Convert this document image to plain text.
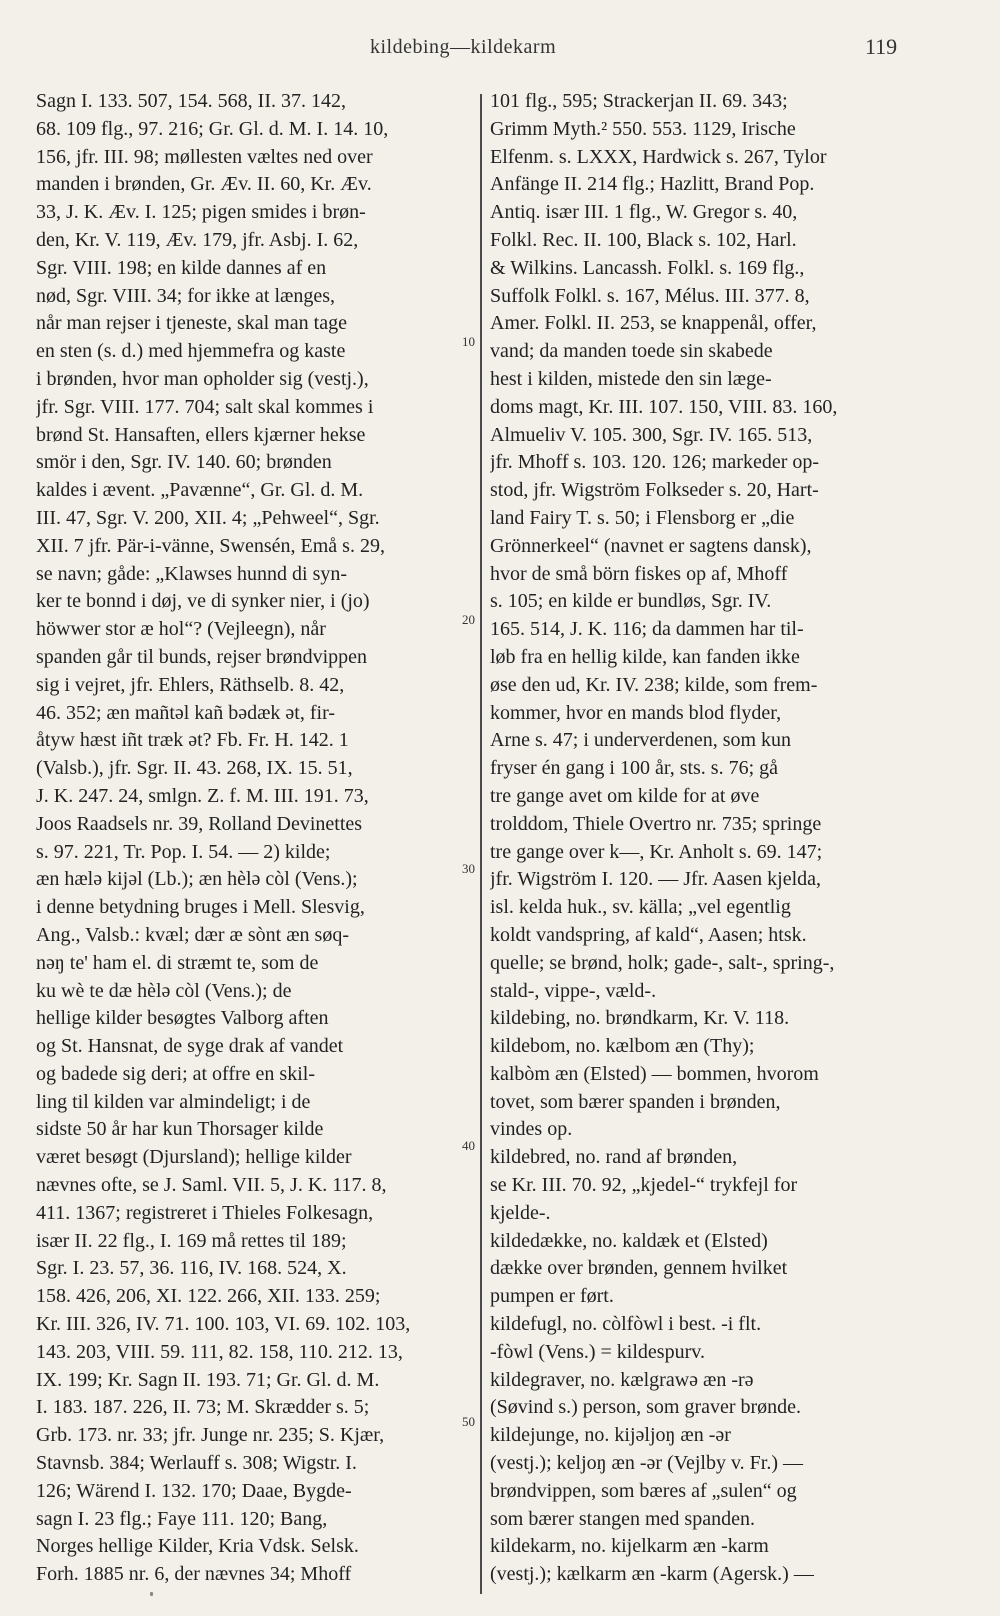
kildebing—kildekarm	119
Sagn I. 133. 507, 154. 568, II. 37. 142,
68. 109 flg., 97. 216; Gr. Gl. d. M. I. 14. 10,
156, jfr. III. 98; møllesten væltes ned over
manden i brønden, Gr. Æv. II. 60, Kr. Æv.
33, J. K. Æv. I. 125; pigen smides i brøn-
den, Kr. V. 119, Æv. 179, jfr. Asbj. I. 62,
Sgr. VIII. 198; en kilde dannes af en
nød, Sgr. VIII. 34; for ikke at længes,
når man rejser i tjeneste, skal man tage
en sten (s. d.) med hjemmefra og kaste
i brønden, hvor man opholder sig (vestj.),
jfr. Sgr. VIII. 177. 704; salt skal kommes i
brønd St. Hansaften, ellers kjærner hekse
smör i den, Sgr. IV. 140. 60; brønden
kaldes i ævent. „Pavænne“, Gr. Gl. d. M.
III. 47, Sgr. V. 200, XII. 4; „Pehweel“, Sgr.
XII. 7 jfr. Pär-i-vänne, Swensén, Emå s. 29,
se navn; gåde: „Klawses hunnd di syn-
ker te bonnd i døj, ve di synker nier, i (jo)
höwwer stor æ hol“? (Vejleegn), når
spanden går til bunds, rejser brøndvippen
sig i vejret, jfr. Ehlers, Räthselb. 8. 42,
46. 352; æn mañtəl kañ bədæk ət, fir-
åtyw hæst iñt træk ət? Fb. Fr. H. 142. 1
(Valsb.), jfr. Sgr. II. 43. 268, IX. 15. 51,
J. K. 247. 24, smlgn. Z. f. M. III. 191. 73,
Joos Raadsels nr. 39, Rolland Devinettes
s. 97. 221, Tr. Pop. I. 54. — 2) kilde;
æn hælə kijəl (Lb.); æn hèlə còl (Vens.);
i denne betydning bruges i Mell. Slesvig,
Ang., Valsb.: kvæl; dær æ sònt æn søq-
nəŋ te' ham el. di stræmt te, som de
ku wè te dæ hèlə còl (Vens.); de
hellige kilder besøgtes Valborg aften
og St. Hansnat, de syge drak af vandet
og badede sig deri; at offre en skil-
ling til kilden var almindeligt; i de
sidste 50 år har kun Thorsager kilde
været besøgt (Djursland); hellige kilder
nævnes ofte, se J. Saml. VII. 5, J. K. 117. 8,
411. 1367; registreret i Thieles Folkesagn,
især II. 22 flg., I. 169 må rettes til 189;
Sgr. I. 23. 57, 36. 116, IV. 168. 524, X.
158. 426, 206, XI. 122. 266, XII. 133. 259;
Kr. III. 326, IV. 71. 100. 103, VI. 69. 102. 103,
143. 203, VIII. 59. 111, 82. 158, 110. 212. 13,
IX. 199; Kr. Sagn II. 193. 71; Gr. Gl. d. M.
I. 183. 187. 226, II. 73; M. Skrædder s. 5;
Grb. 173. nr. 33; jfr. Junge nr. 235; S. Kjær,
Stavnsb. 384; Werlauff s. 308; Wigstr. I.
126; Wärend I. 132. 170; Daae, Bygde-
sagn I. 23 flg.; Faye 111. 120; Bang,
Norges hellige Kilder, Kria Vdsk. Selsk.
Forh. 1885 nr. 6, der nævnes 34; Mhoff
101 flg., 595; Strackerjan II. 69. 343;
Grimm Myth.² 550. 553. 1129, Irische
Elfenm. s. LXXX, Hardwick s. 267, Tylor
Anfänge II. 214 flg.; Hazlitt, Brand Pop.
Antiq. især III. 1 flg., W. Gregor s. 40,
Folkl. Rec. II. 100, Black s. 102, Harl.
& Wilkins. Lancassh. Folkl. s. 169 flg.,
Suffolk Folkl. s. 167, Mélus. III. 377. 8,
Amer. Folkl. II. 253, se knappenål, offer,
vand; da manden toede sin skabede
hest i kilden, mistede den sin læge-
doms magt, Kr. III. 107. 150, VIII. 83. 160,
Almueliv V. 105. 300, Sgr. IV. 165. 513,
jfr. Mhoff s. 103. 120. 126; markeder op-
stod, jfr. Wigström Folkseder s. 20, Hart-
land Fairy T. s. 50; i Flensborg er „die
Grönnerkeel“ (navnet er sagtens dansk),
hvor de små börn fiskes op af, Mhoff
s. 105; en kilde er bundløs, Sgr. IV.
165. 514, J. K. 116; da dammen har til-
løb fra en hellig kilde, kan fanden ikke
øse den ud, Kr. IV. 238; kilde, som frem-
kommer, hvor en mands blod flyder,
Arne s. 47; i underverdenen, som kun
fryser én gang i 100 år, sts. s. 76; gå
tre gange avet om kilde for at øve
trolddom, Thiele Overtro nr. 735; springe
tre gange over k—, Kr. Anholt s. 69. 147;
jfr. Wigström I. 120. — Jfr. Aasen kjelda,
isl. kelda huk., sv. källa; „vel egentlig
koldt vandspring, af kald“, Aasen; htsk.
quelle; se brønd, holk; gade-, salt-, spring-,
stald-, vippe-, væld-.
kildebing, no. brøndkarm, Kr. V. 118.
kildebom, no. kælbom æn (Thy);
kalbòm æn (Elsted) — bommen, hvorom
tovet, som bærer spanden i brønden,
vindes op.
kildebred, no. rand af brønden,
se Kr. III. 70. 92, „kjedel-“ trykfejl for
kjelde-.
kildedække, no. kaldæk et (Elsted)
dække over brønden, gennem hvilket
pumpen er ført.
kildefugl, no. còlfòwl i best. -i flt.
-fòwl (Vens.) = kildespurv.
kildegraver, no. kælgrawə æn -rə
(Søvind s.) person, som graver brønde.
kildejunge, no. kijəljoŋ æn -ər
(vestj.); keljoŋ æn -ər (Vejlby v. Fr.) —
brøndvippen, som bæres af „sulen“ og
som bærer stangen med spanden.
kildekarm, no. kijelkarm æn -karm
(vestj.); kælkarm æn -karm (Agersk.) —
10
20
30
40
50
